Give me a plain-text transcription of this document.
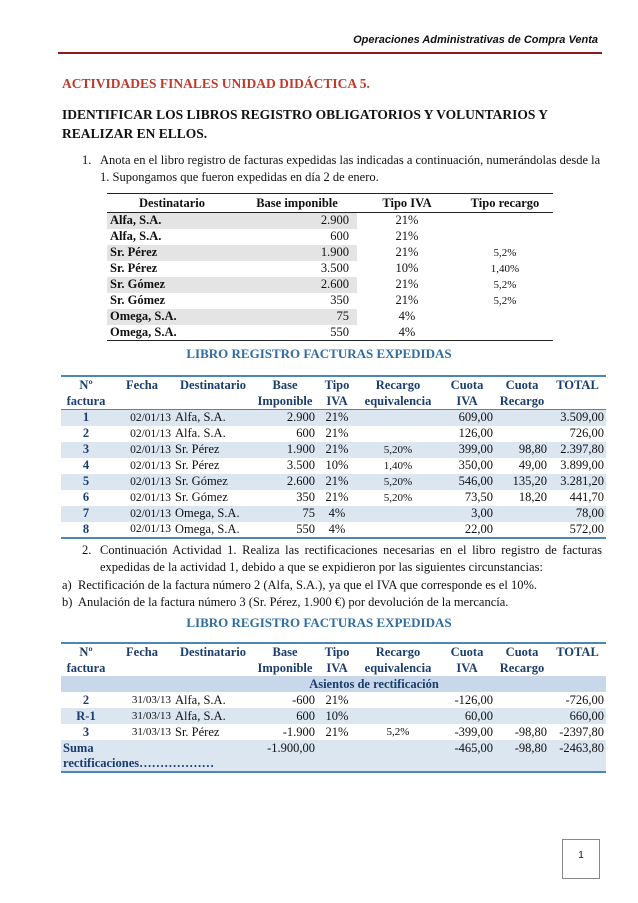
Operaciones Administrativas de Compra Venta
ACTIVIDADES FINALES UNIDAD DIDÁCTICA 5.
IDENTIFICAR LOS LIBROS REGISTRO OBLIGATORIOS Y VOLUNTARIOS Y REALIZAR EN ELLOS.
1. Anota en el libro registro de facturas expedidas las indicadas a continuación, numerándolas desde la 1. Supongamos que fueron expedidas en día 2 de enero.
Destinatario	Base imponible	Tipo IVA	Tipo recargo
Alfa, S.A.	2.900	21%	
Alfa, S.A.	600	21%	
Sr. Pérez	1.900	21%	5,2%
Sr. Pérez	3.500	10%	1,40%
Sr. Gómez	2.600	21%	5,2%
Sr. Gómez	350	21%	5,2%
Omega, S.A.	75	4%	
Omega, S.A.	550	4%	
LIBRO REGISTRO FACTURAS EXPEDIDAS
Nº	Fecha	Destinatario	Base	Tipo	Recargo	Cuota	Cuota	TOTAL
factura			Imponible	IVA	equivalencia	IVA	Recargo	
1	02/01/13	Alfa, S.A.	2.900	21%		609,00		3.509,00
2	02/01/13	Alfa. S.A.	600	21%		126,00		726,00
3	02/01/13	Sr. Pérez	1.900	21%	5,20%	399,00	98,80	2.397,80
4	02/01/13	Sr. Pérez	3.500	10%	1,40%	350,00	49,00	3.899,00
5	02/01/13	Sr. Gómez	2.600	21%	5,20%	546,00	135,20	3.281,20
6	02/01/13	Sr. Gómez	350	21%	5,20%	73,50	18,20	441,70
7	02/01/13	Omega, S.A.	75	4%		3,00		78,00
8	02/01/13	Omega, S.A.	550	4%		22,00		572,00
2. Continuación Actividad 1. Realiza las rectificaciones necesarias en el libro registro de facturas expedidas de la actividad 1, debido a que se expidieron por las siguientes circunstancias:
a) Rectificación de la factura número 2 (Alfa, S.A.), ya que el IVA que corresponde es el 10%.
b) Anulación de la factura número 3 (Sr. Pérez, 1.900 €) por devolución de la mercancía.
LIBRO REGISTRO FACTURAS EXPEDIDAS
Nº	Fecha	Destinatario	Base	Tipo	Recargo	Cuota	Cuota	TOTAL
factura			Imponible	IVA	equivalencia	IVA	Recargo	
			Asientos de rectificación					
2	31/03/13	Alfa, S.A.	-600	21%		-126,00		-726,00
R-1	31/03/13	Alfa, S.A.	600	10%		60,00		660,00
3	31/03/13	Sr. Pérez	-1.900	21%	5,2%	-399,00	-98,80	-2397,80
Suma			-1.900,00			-465,00	-98,80	-2463,80
rectificaciones………………								
1
